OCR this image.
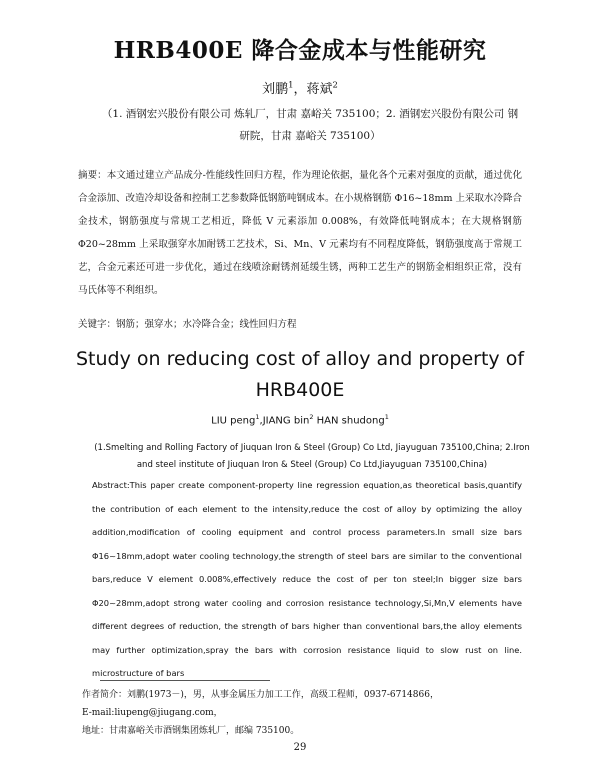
HRB400E 降合金成本与性能研究
刘鹏$^1$，蒋斌$^2$
（1. 酒钢宏兴股份有限公司 炼轧厂，甘肃 嘉峪关 735100；2. 酒钢宏兴股份有限公司 钢研院，甘肃 嘉峪关 735100）
摘要：本文通过建立产品成分-性能线性回归方程，作为理论依据，量化各个元素对强度的贡献，通过优化合金添加、改造冷却设备和控制工艺参数降低钢筋吨钢成本。在小规格钢筋 Φ16~18mm 上采取水冷降合金技术，钢筋强度与常规工艺相近，降低 V 元素添加 0.008%，有效降低吨钢成本；在大规格钢筋 Φ20~28mm 上采取强穿水加耐锈工艺技术，Si、Mn、V 元素均有不同程度降低，钢筋强度高于常规工艺，合金元素还可进一步优化，通过在线喷涂耐锈剂延缓生锈，两种工艺生产的钢筋金相组织正常，没有马氏体等不利组织。
关键字：钢筋；强穿水；水冷降合金；线性回归方程
Study on reducing cost of alloy and property of HRB400E
LIU peng$^1$,JIANG bin$^2$ HAN shudong$^1$
(1.Smelting and Rolling Factory of Jiuquan Iron & Steel (Group) Co Ltd, Jiayuguan 735100,China; 2.Iron and steel institute of Jiuquan Iron & Steel (Group) Co Ltd,Jiayuguan 735100,China)
Abstract:This paper create component-property line regression equation,as theoretical basis,quantify the contribution of each element to the intensity,reduce the cost of alloy by optimizing the alloy addition,modification of cooling equipment and control process parameters.In small size bars Φ16~18mm,adopt water cooling technology,the strength of steel bars are similar to the conventional bars,reduce V element 0.008%,effectively reduce the cost of per ton steel;In bigger size bars Φ20~28mm,adopt strong water cooling and corrosion resistance technology,Si,Mn,V elements have different degrees of reduction, the strength of bars higher than conventional bars,the alloy elements may further optimization,spray the bars with corrosion resistance liquid to slow rust on line. microstructure of bars
作者简介：刘鹏(1973－)，男，从事金属压力加工工作，高级工程师，0937-6714866，
E-mail:liupeng@jiugang.com，
地址：甘肃嘉峪关市酒钢集团炼轧厂，邮编 735100。
29
